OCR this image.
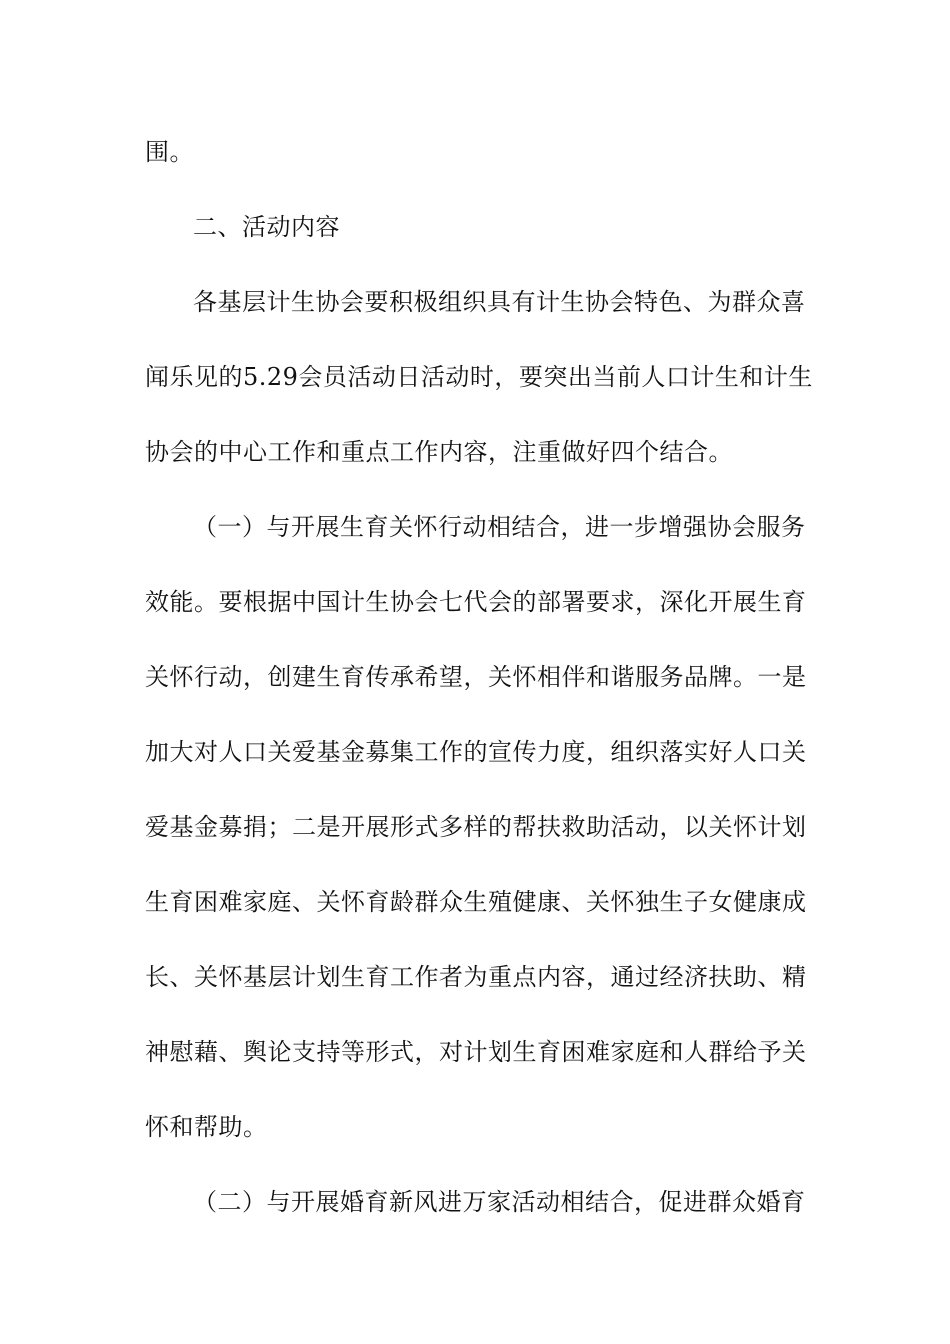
围。
二、活动内容
各基层计生协会要积极组织具有计生协会特色、为群众喜
闻乐见的5.29会员活动日活动时，要突出当前人口计生和计生
协会的中心工作和重点工作内容，注重做好四个结合。
（一）与开展生育关怀行动相结合，进一步增强协会服务
效能。要根据中国计生协会七代会的部署要求，深化开展生育
关怀行动，创建生育传承希望，关怀相伴和谐服务品牌。一是
加大对人口关爱基金募集工作的宣传力度，组织落实好人口关
爱基金募捐；二是开展形式多样的帮扶救助活动，以关怀计划
生育困难家庭、关怀育龄群众生殖健康、关怀独生子女健康成
长、关怀基层计划生育工作者为重点内容，通过经济扶助、精
神慰藉、舆论支持等形式，对计划生育困难家庭和人群给予关
怀和帮助。
（二）与开展婚育新风进万家活动相结合，促进群众婚育
